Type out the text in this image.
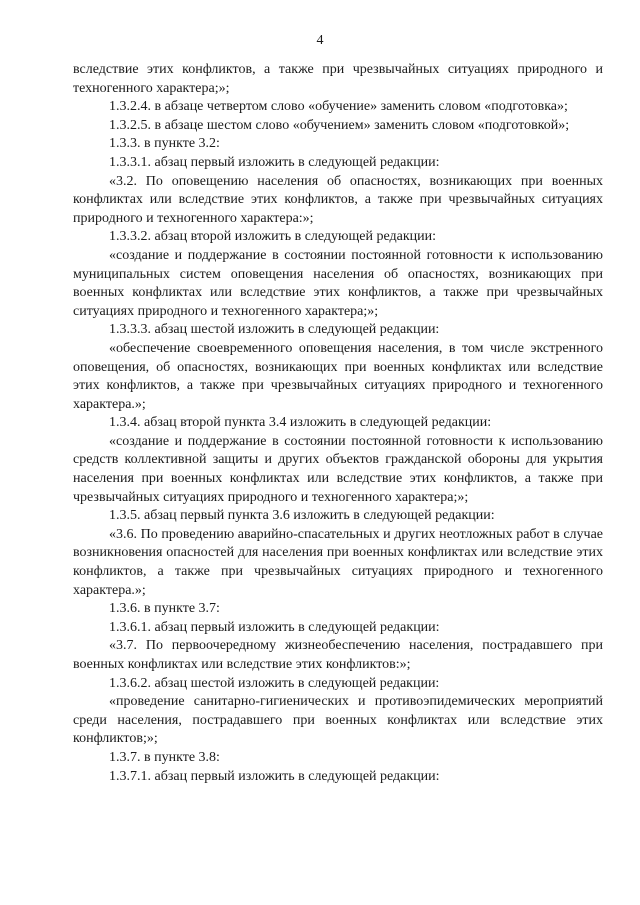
4

вследствие этих конфликтов, а также при чрезвычайных ситуациях природного и техногенного характера;»;

1.3.2.4. в абзаце четвертом слово «обучение» заменить словом «подготовка»;

1.3.2.5. в абзаце шестом слово «обучением» заменить словом «подготовкой»;

1.3.3. в пункте 3.2:

1.3.3.1. абзац первый изложить в следующей редакции:

«3.2. По оповещению населения об опасностях, возникающих при военных конфликтах или вследствие этих конфликтов, а также при чрезвычайных ситуациях природного и техногенного характера:»;

1.3.3.2. абзац второй изложить в следующей редакции:

«создание и поддержание в состоянии постоянной готовности к использованию муниципальных систем оповещения населения об опасностях, возникающих при военных конфликтах или вследствие этих конфликтов, а также при чрезвычайных ситуациях природного и техногенного характера;»;

1.3.3.3. абзац шестой изложить в следующей редакции:

«обеспечение своевременного оповещения населения, в том числе экстренного оповещения, об опасностях, возникающих при военных конфликтах или вследствие этих конфликтов, а также при чрезвычайных ситуациях природного и техногенного характера.»;

1.3.4. абзац второй пункта 3.4 изложить в следующей редакции:

«создание и поддержание в состоянии постоянной готовности к использованию средств коллективной защиты и других объектов гражданской обороны для укрытия населения при военных конфликтах или вследствие этих конфликтов, а также при чрезвычайных ситуациях природного и техногенного характера;»;

1.3.5. абзац первый пункта 3.6 изложить в следующей редакции:

«3.6. По проведению аварийно-спасательных и других неотложных работ в случае возникновения опасностей для населения при военных конфликтах или вследствие этих конфликтов, а также при чрезвычайных ситуациях природного и техногенного характера.»;

1.3.6. в пункте 3.7:

1.3.6.1. абзац первый изложить в следующей редакции:

«3.7. По первоочередному жизнеобеспечению населения, пострадавшего при военных конфликтах или вследствие этих конфликтов:»;

1.3.6.2. абзац шестой изложить в следующей редакции:

«проведение санитарно-гигиенических и противоэпидемических мероприятий среди населения, пострадавшего при военных конфликтах или вследствие этих конфликтов;»;

1.3.7. в пункте 3.8:

1.3.7.1. абзац первый изложить в следующей редакции:
